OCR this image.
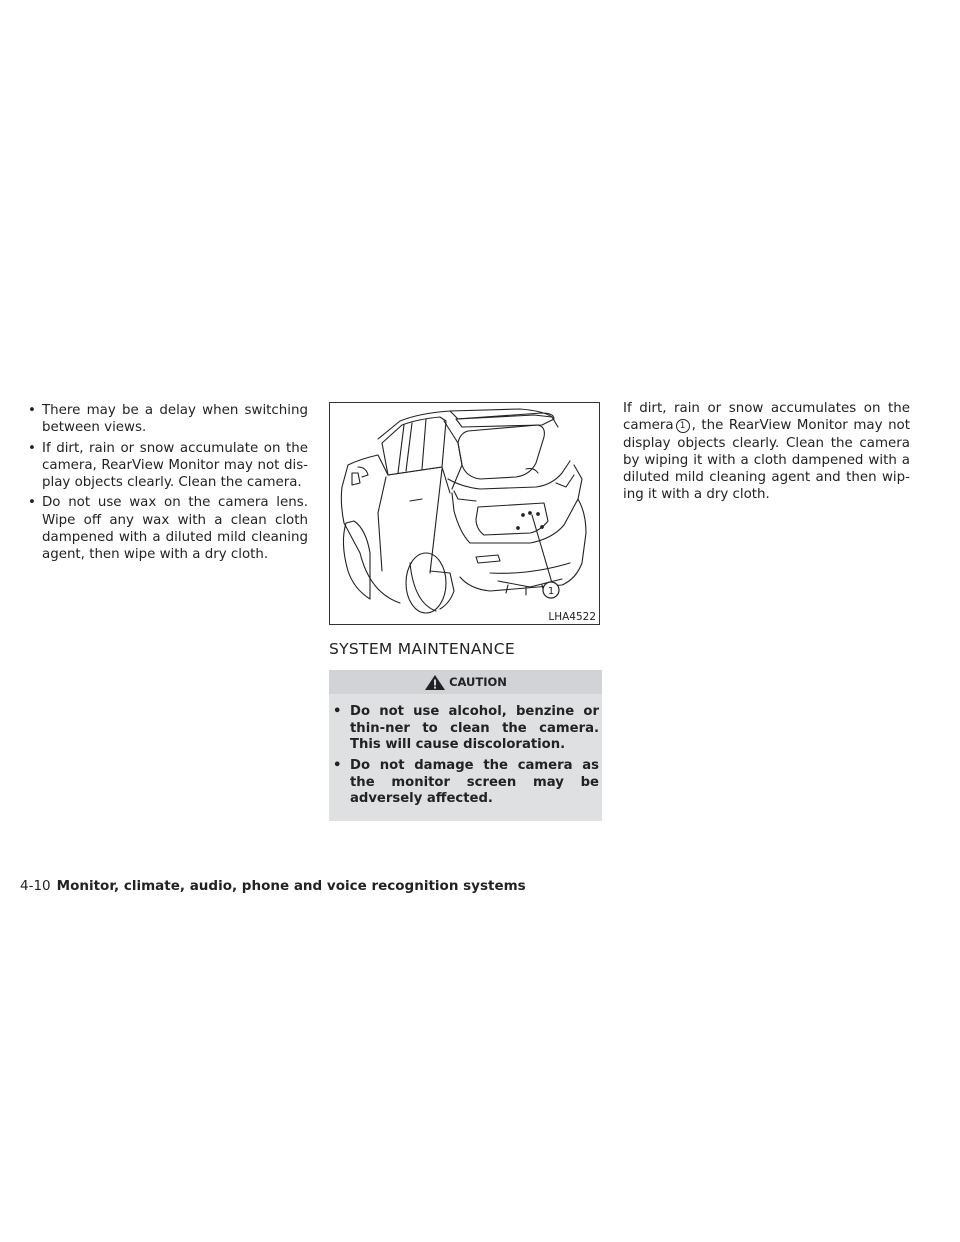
• There may be a delay when switching between views.
• If dirt, rain or snow accumulate on the camera, RearView Monitor may not dis-play objects clearly. Clean the camera.
• Do not use wax on the camera lens. Wipe off any wax with a clean cloth dampened with a diluted mild cleaning agent, then wipe with a dry cloth.
1
LHA4522
SYSTEM MAINTENANCE
CAUTION
• Do not use alcohol, benzine or thin-ner to clean the camera. This will cause discoloration.
• Do not damage the camera as the monitor screen may be adversely affected.

If dirt, rain or snow accumulates on the camera 1 , the RearView Monitor may not display objects clearly. Clean the camera by wiping it with a cloth dampened with a diluted mild cleaning agent and then wip-ing it with a dry cloth.

4-10 Monitor, climate, audio, phone and voice recognition systems
